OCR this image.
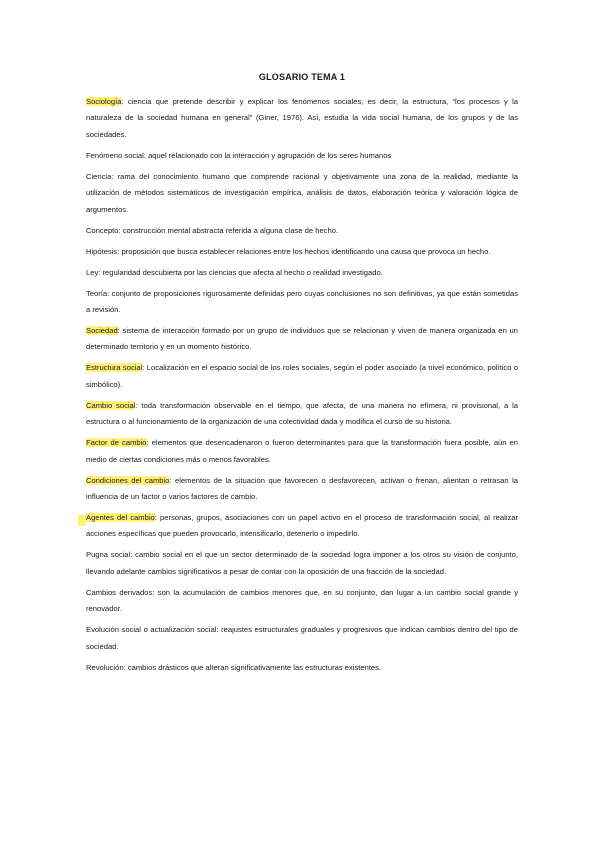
GLOSARIO TEMA 1

Sociología: ciencia que pretende describir y explicar los fenómenos sociales, es decir, la estructura, “los procesos y la naturaleza de la sociedad humana en general” (Giner, 1976). Así, estudia la vida social humana, de los grupos y de las sociedades.

Fenómeno social: aquel relacionado con la interacción y agrupación de los seres humanos

Ciencia: rama del conocimiento humano que comprende racional y objetivamente una zona de la realidad, mediante la utilización de métodos sistemáticos de investigación empírica, análisis de datos, elaboración teórica y valoración lógica de argumentos.

Concepto: construcción mental abstracta referida a alguna clase de hecho.

Hipótesis: proposición que busca establecer relaciones entre los hechos identificando una causa que provoca un hecho.

Ley: regularidad descubierta por las ciencias que afecta al hecho o realidad investigado.

Teoría: conjunto de proposiciones rigurosamente definidas pero cuyas conclusiones no son definitivas, ya que están sometidas a revisión.

Sociedad: sistema de interacción formado por un grupo de individuos que se relacionan y viven de manera organizada en un determinado territorio y en un momento histórico.

Estructura social: Localización en el espacio social de los roles sociales, según el poder asociado (a nivel económico, político o simbólico).

Cambio social: toda transformación observable en el tiempo, que afecta, de una manera no efímera, ni provisional, a la estructura o al funcionamiento de la organización de una colectividad dada y modifica el curso de su historia.

Factor de cambio: elementos que desencadenaron o fueron determinantes para que la transformación fuera posible, aún en medio de ciertas condiciones más o menos favorables.

Condiciones del cambio: elementos de la situación que favorecen o desfavorecen, activan o frenan, alientan o retrasan la influencia de un factor o varios factores de cambio.

Agentes del cambio: personas, grupos, asociaciones con un papel activo en el proceso de transformación social, al realizar acciones específicas que pueden provocarlo, intensificarlo, detenerlo o impedirlo.

Pugna social: cambio social en el que un sector determinado de la sociedad logra imponer a los otros su visión de conjunto, llevando adelante cambios significativos a pesar de contar con la oposición de una fracción de la sociedad.

Cambios derivados: son la acumulación de cambios menores que, en su conjunto, dan lugar a un cambio social grande y renovador.

Evolución social o actualización social: reajustes estructurales graduales y progresivos que indican cambios dentro del tipo de sociedad.

Revolución: cambios drásticos que alteran significativamente las estructuras existentes.
